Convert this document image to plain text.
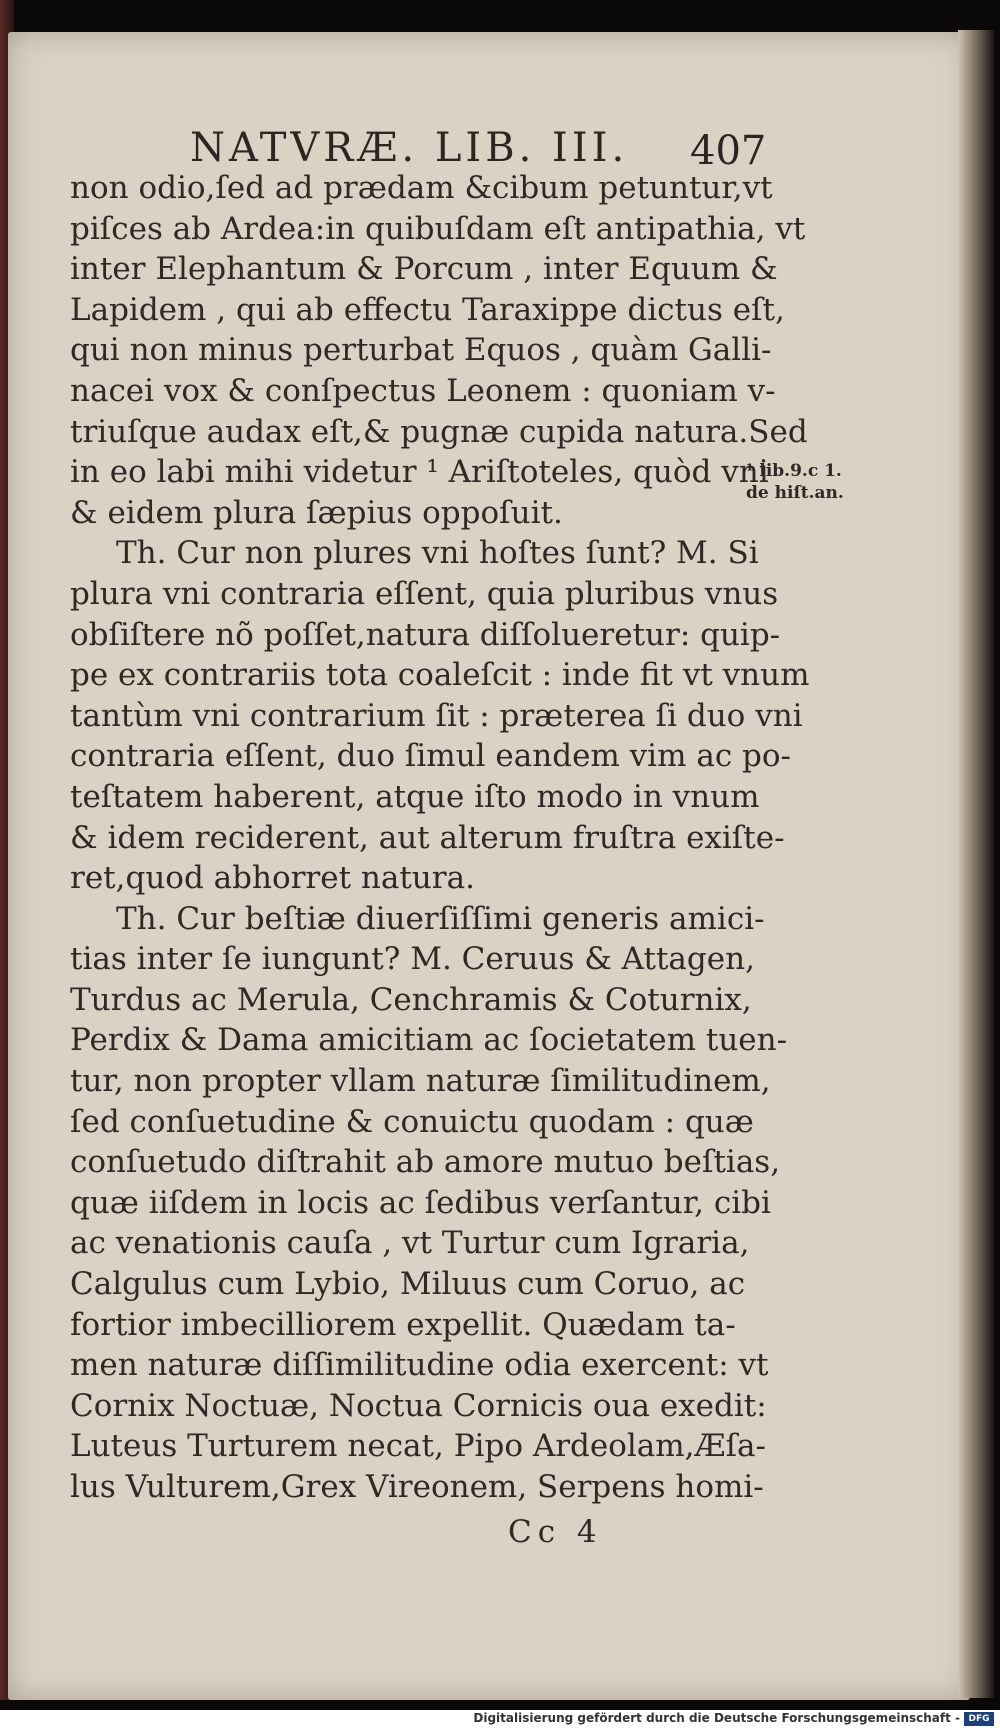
NATVRÆ. LIB. III.	407
non odio,ſed ad prædam &cibum petuntur,vt
piſces ab Ardea:in quibuſdam eſt antipathia, vt
inter Elephantum & Porcum , inter Equum &
Lapidem , qui ab effectu Taraxippe dictus eſt,
qui non minus perturbat Equos , quàm Galli-
nacei vox & conſpectus Leonem : quoniam v-
triuſque audax eſt,& pugnæ cupida natura.Sed
in eo labi mihi videtur ¹ Ariſtoteles, quòd vni
& eidem plura ſæpius oppoſuit.
Th. Cur non plures vni hoſtes ſunt? M. Si
plura vni contraria eſſent, quia pluribus vnus
obſiſtere nõ poſſet,natura diſſolueretur: quip-
pe ex contrariis tota coaleſcit : inde fit vt vnum
tantùm vni contrarium ſit : præterea ſi duo vni
contraria eſſent, duo ſimul eandem vim ac po-
teſtatem haberent, atque iſto modo in vnum
& idem reciderent, aut alterum fruſtra exiſte-
ret,quod abhorret natura.
Th. Cur beſtiæ diuerſiſſimi generis amici-
tias inter ſe iungunt? M. Ceruus & Attagen,
Turdus ac Merula, Cenchramis & Coturnix,
Perdix & Dama amicitiam ac ſocietatem tuen-
tur, non propter vllam naturæ ſimilitudinem,
ſed conſuetudine & conuictu quodam : quæ
conſuetudo diſtrahit ab amore mutuo beſtias,
quæ iiſdem in locis ac ſedibus verſantur, cibi
ac venationis cauſa , vt Turtur cum Igraria,
Calgulus cum Lybio, Miluus cum Coruo, ac
fortior imbecilliorem expellit. Quædam ta-
men naturæ diſſimilitudine odia exercent: vt
Cornix Noctuæ, Noctua Cornicis oua exedit:
Luteus Turturem necat, Pipo Ardeolam,Æſa-
lus Vulturem,Grex Vireonem, Serpens homi-
¹ lib.9.c 1.
de hiſt.an.
Cc 4
Digitalisierung gefördert durch die Deutsche Forschungsgemeinschaft - DFG
